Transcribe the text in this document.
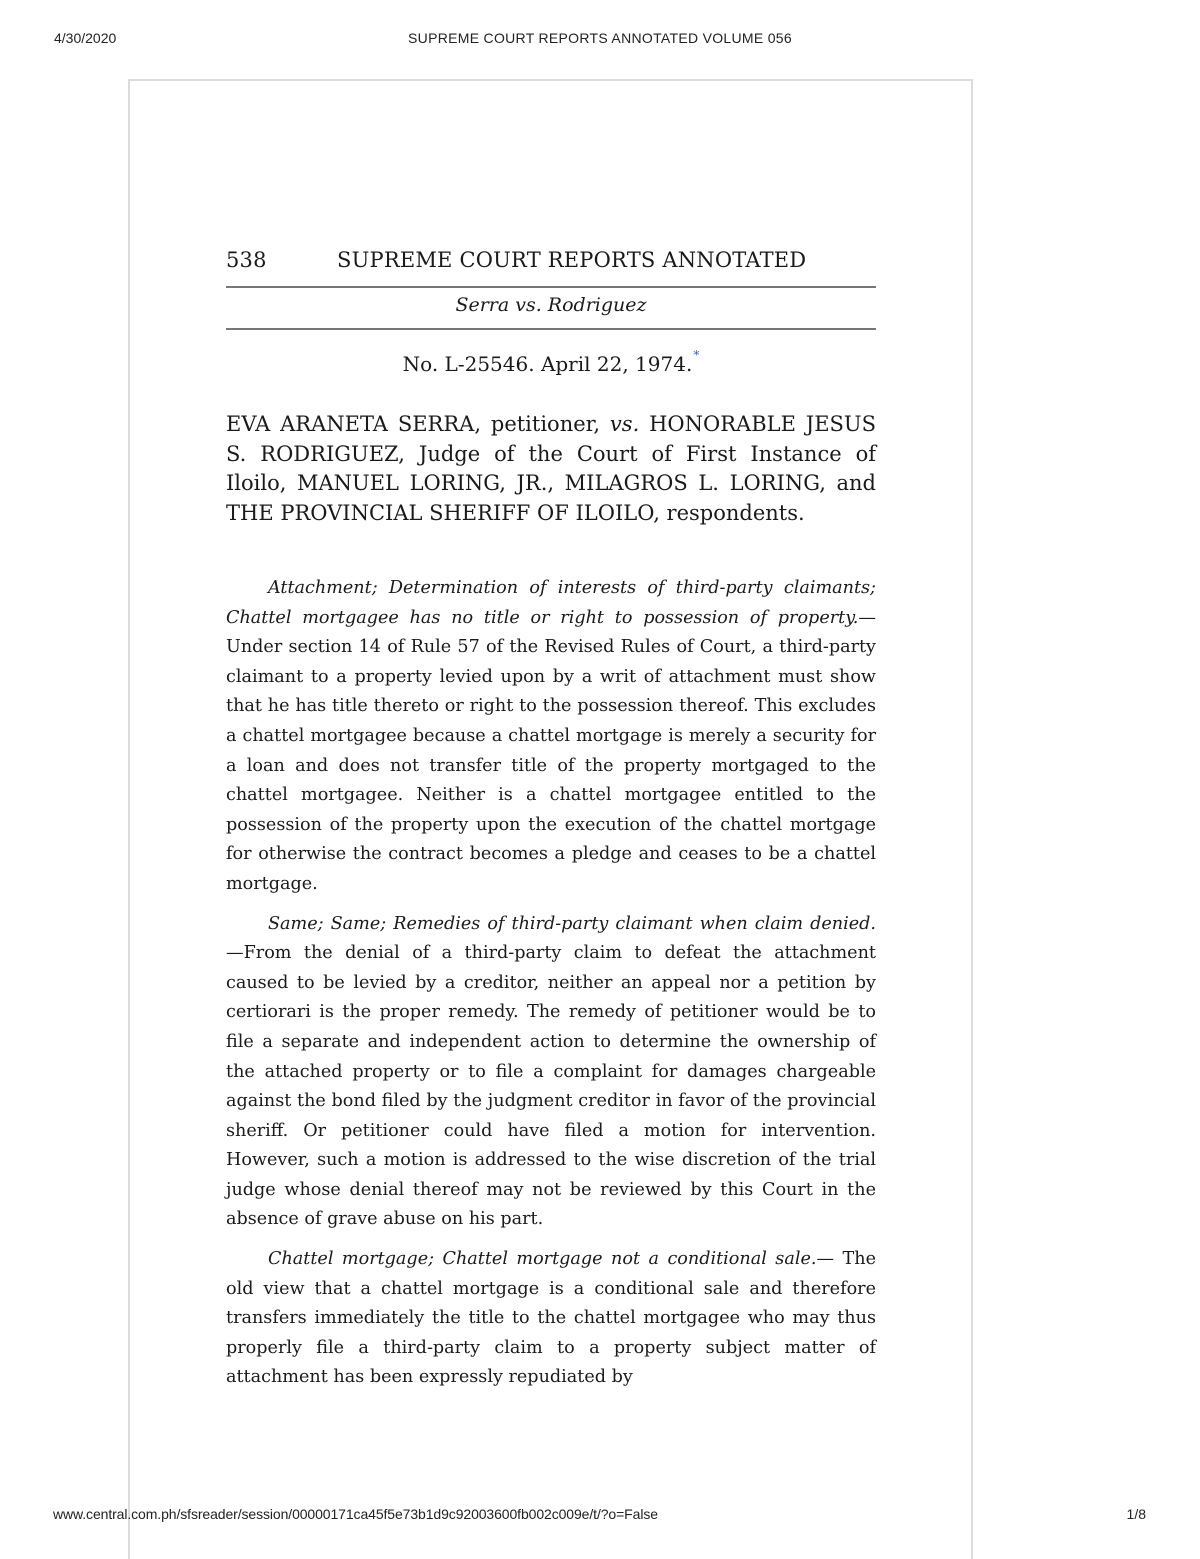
4/30/2020	SUPREME COURT REPORTS ANNOTATED VOLUME 056
538	SUPREME COURT REPORTS ANNOTATED
Serra vs. Rodriguez
No. L-25546. April 22, 1974.*
EVA ARANETA SERRA, petitioner, vs. HONORABLE JESUS S. RODRIGUEZ, Judge of the Court of First Instance of Iloilo, MANUEL LORING, JR., MILAGROS L. LORING, and THE PROVINCIAL SHERIFF OF ILOILO, respondents.

Attachment; Determination of interests of third-party claimants; Chattel mortgagee has no title or right to possession of property.—Under section 14 of Rule 57 of the Revised Rules of Court, a third-party claimant to a property levied upon by a writ of attachment must show that he has title thereto or right to the possession thereof. This excludes a chattel mortgagee because a chattel mortgage is merely a security for a loan and does not transfer title of the property mortgaged to the chattel mortgagee. Neither is a chattel mortgagee entitled to the possession of the property upon the execution of the chattel mortgage for otherwise the contract becomes a pledge and ceases to be a chattel mortgage.

Same; Same; Remedies of third-party claimant when claim denied.—From the denial of a third-party claim to defeat the attachment caused to be levied by a creditor, neither an appeal nor a petition by certiorari is the proper remedy. The remedy of petitioner would be to file a separate and independent action to determine the ownership of the attached property or to file a complaint for damages chargeable against the bond filed by the judgment creditor in favor of the provincial sheriff. Or petitioner could have filed a motion for intervention. However, such a motion is addressed to the wise discretion of the trial judge whose denial thereof may not be reviewed by this Court in the absence of grave abuse on his part.

Chattel mortgage; Chattel mortgage not a conditional sale.— The old view that a chattel mortgage is a conditional sale and therefore transfers immediately the title to the chattel mortgagee who may thus properly file a third-party claim to a property subject matter of attachment has been expressly repudiated by

www.central.com.ph/sfsreader/session/00000171ca45f5e73b1d9c92003600fb002c009e/t/?o=False	1/8
